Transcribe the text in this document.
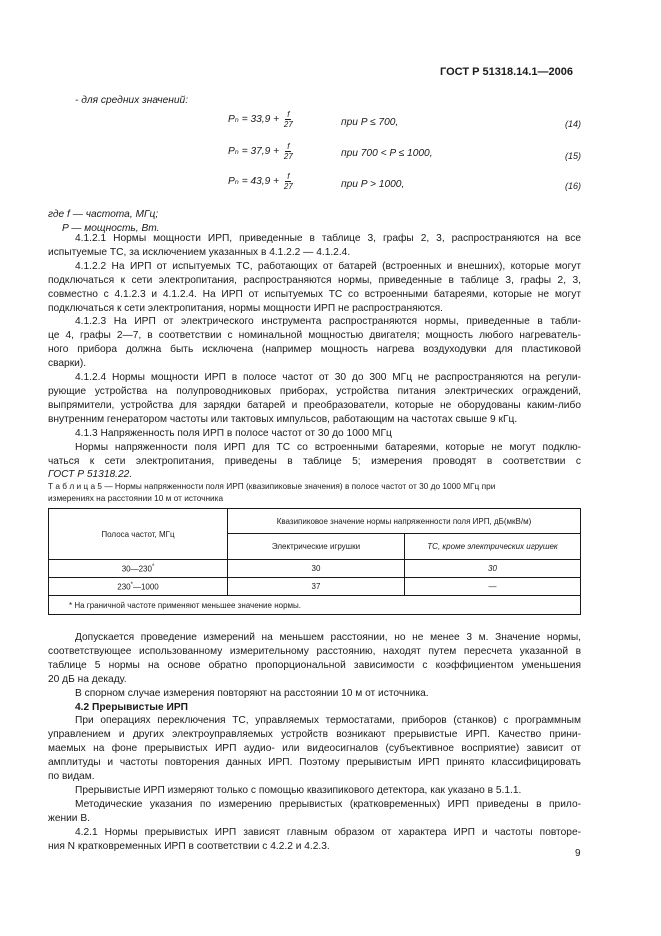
ГОСТ Р 51318.14.1—2006
- для средних значений:
$P_n = 33,9 + \frac{f}{27}$	при P ≤ 700,	(14)
$P_n = 37,9 + \frac{f}{27}$	при 700 < P ≤ 1000,	(15)
$P_n = 43,9 + \frac{f}{27}$	при P > 1000,	(16)
где f — частота, МГц;
P — мощность, Вт.
4.1.2.1 Нормы мощности ИРП, приведенные в таблице 3, графы 2, 3, распространяются на все
испытуемые ТС, за исключением указанных в 4.1.2.2 — 4.1.2.4.
4.1.2.2 На ИРП от испытуемых ТС, работающих от батарей (встроенных и внешних), которые могут
подключаться к сети электропитания, распространяются нормы, приведенные в таблице 3, графы 2, 3,
совместно с 4.1.2.3 и 4.1.2.4. На ИРП от испытуемых ТС со встроенными батареями, которые не могут
подключаться к сети электропитания, нормы мощности ИРП не распространяются.
4.1.2.3 На ИРП от электрического инструмента распространяются нормы, приведенные в табли-
це 4, графы 2—7, в соответствии с номинальной мощностью двигателя; мощность любого нагреватель-
ного прибора должна быть исключена (например мощность нагрева воздуходувки для пластиковой
сварки).
4.1.2.4 Нормы мощности ИРП в полосе частот от 30 до 300 МГц не распространяются на регули-
рующие устройства на полупроводниковых приборах, устройства питания электрических ограждений,
выпрямители, устройства для зарядки батарей и преобразователи, которые не оборудованы каким-либо
внутренним генератором частоты или тактовых импульсов, работающим на частотах свыше 9 кГц.
4.1.3 Напряженность поля ИРП в полосе частот от 30 до 1000 МГц
Нормы напряженности поля ИРП для ТС со встроенными батареями, которые не могут подклю-
чаться к сети электропитания, приведены в таблице 5; измерения проводят в соответствии с
ГОСТ Р 51318.22.
Т а б л и ц а 5 — Нормы напряженности поля ИРП (квазипиковые значения) в полосе частот от 30 до 1000 МГц при
измерениях на расстоянии 10 м от источника
Полоса частот, МГц	Квазипиковое значение нормы напряженности поля ИРП, дБ(мкВ/м)	
	Электрические игрушки	ТС, кроме электрических игрушек
30—230*	30	30
230*—1000	37	—
* На граничной частоте применяют меньшее значение нормы.		
Допускается проведение измерений на меньшем расстоянии, но не менее 3 м. Значение нормы,
соответствующее использованному измерительному расстоянию, находят путем пересчета указанной в
таблице 5 нормы на основе обратно пропорциональной зависимости с коэффициентом уменьшения
20 дБ на декаду.
В спорном случае измерения повторяют на расстоянии 10 м от источника.
4.2 Прерывистые ИРП
При операциях переключения ТС, управляемых термостатами, приборов (станков) с программным
управлением и других электроуправляемых устройств возникают прерывистые ИРП. Качество прини-
маемых на фоне прерывистых ИРП аудио- или видеосигналов (субъективное восприятие) зависит от
амплитуды и частоты повторения данных ИРП. Поэтому прерывистым ИРП принято классифицировать
по видам.
Прерывистые ИРП измеряют только с помощью квазипикового детектора, как указано в 5.1.1.
Методические указания по измерению прерывистых (кратковременных) ИРП приведены в прило-
жении В.
4.2.1 Нормы прерывистых ИРП зависят главным образом от характера ИРП и частоты повторе-
ния N кратковременных ИРП в соответствии с 4.2.2 и 4.2.3.
9
